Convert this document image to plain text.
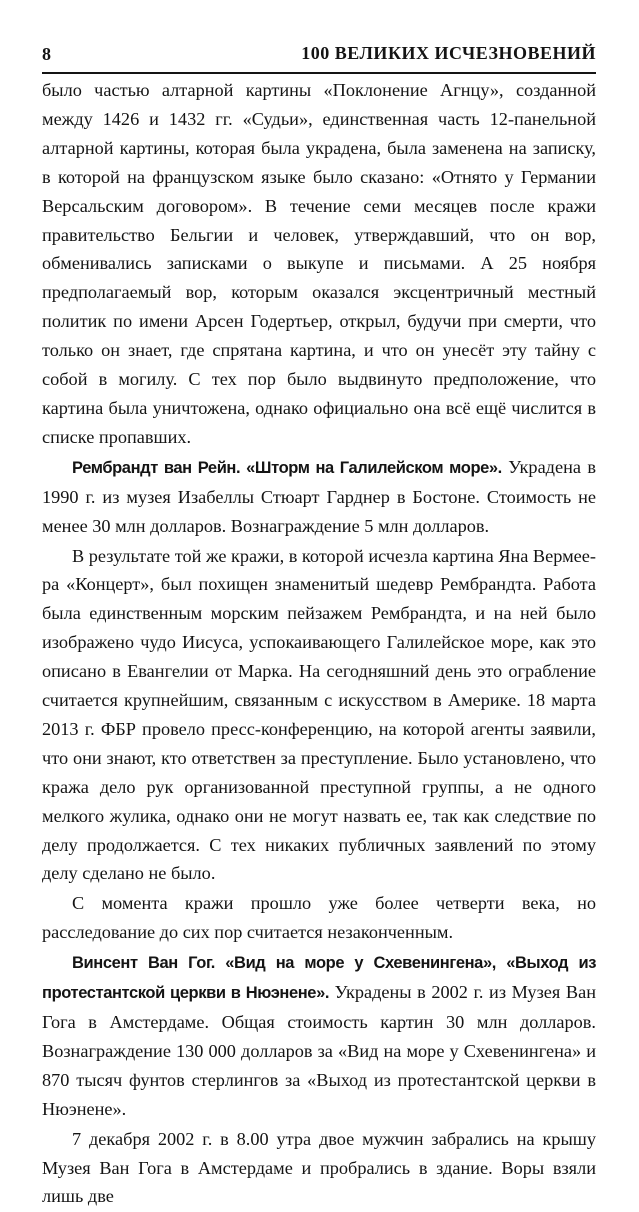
8	100 ВЕЛИКИХ ИСЧЕЗНОВЕНИЙ

было частью алтарной картины «Поклонение Агнцу», созданной между 1426 и 1432 гг. «Судьи», единственная часть 12-панельной алтарной картины, которая была украдена, была заменена на записку, в которой на французском языке было сказано: «Отнято у Германии Версальским договором». В течение семи месяцев после кражи правительство Бельгии и человек, утверждавший, что он вор, обменивались записками о выкупе и письмами. А 25 ноября предполагаемый вор, которым оказался эксцентричный местный политик по имени Арсен Годертьер, открыл, будучи при смерти, что только он знает, где спрятана картина, и что он унесёт эту тайну с собой в могилу. С тех пор было выдвинуто предположение, что картина была уничтожена, однако официально она всё ещё числится в списке пропавших.

Рембрандт ван Рейн. «Шторм на Галилейском море». Украдена в 1990 г. из музея Изабеллы Стюарт Гарднер в Бостоне. Стоимость не менее 30 млн долларов. Вознаграждение 5 млн долларов.

В результате той же кражи, в которой исчезла картина Яна Вермеера «Концерт», был похищен знаменитый шедевр Рембрандта. Работа была единственным морским пейзажем Рембрандта, и на ней было изображено чудо Иисуса, успокаивающего Галилейское море, как это описано в Евангелии от Марка. На сегодняшний день это ограбление считается крупнейшим, связанным с искусством в Америке. 18 марта 2013 г. ФБР провело пресс-конференцию, на которой агенты заявили, что они знают, кто ответствен за преступление. Было установлено, что кража дело рук организованной преступной группы, а не одного мелкого жулика, однако они не могут назвать ее, так как следствие по делу продолжается. С тех никаких публичных заявлений по этому делу сделано не было.

С момента кражи прошло уже более четверти века, но расследование до сих пор считается незаконченным.

Винсент Ван Гог. «Вид на море у Схевенингена», «Выход из протестантской церкви в Нюэнене». Украдены в 2002 г. из Музея Ван Гога в Амстердаме. Общая стоимость картин 30 млн долларов. Вознаграждение 130 000 долларов за «Вид на море у Схевенингена» и 870 тысяч фунтов стерлингов за «Выход из протестантской церкви в Нюэнене».

7 декабря 2002 г. в 8.00 утра двое мужчин забрались на крышу Музея Ван Гога в Амстердаме и пробрались в здание. Воры взяли лишь две
